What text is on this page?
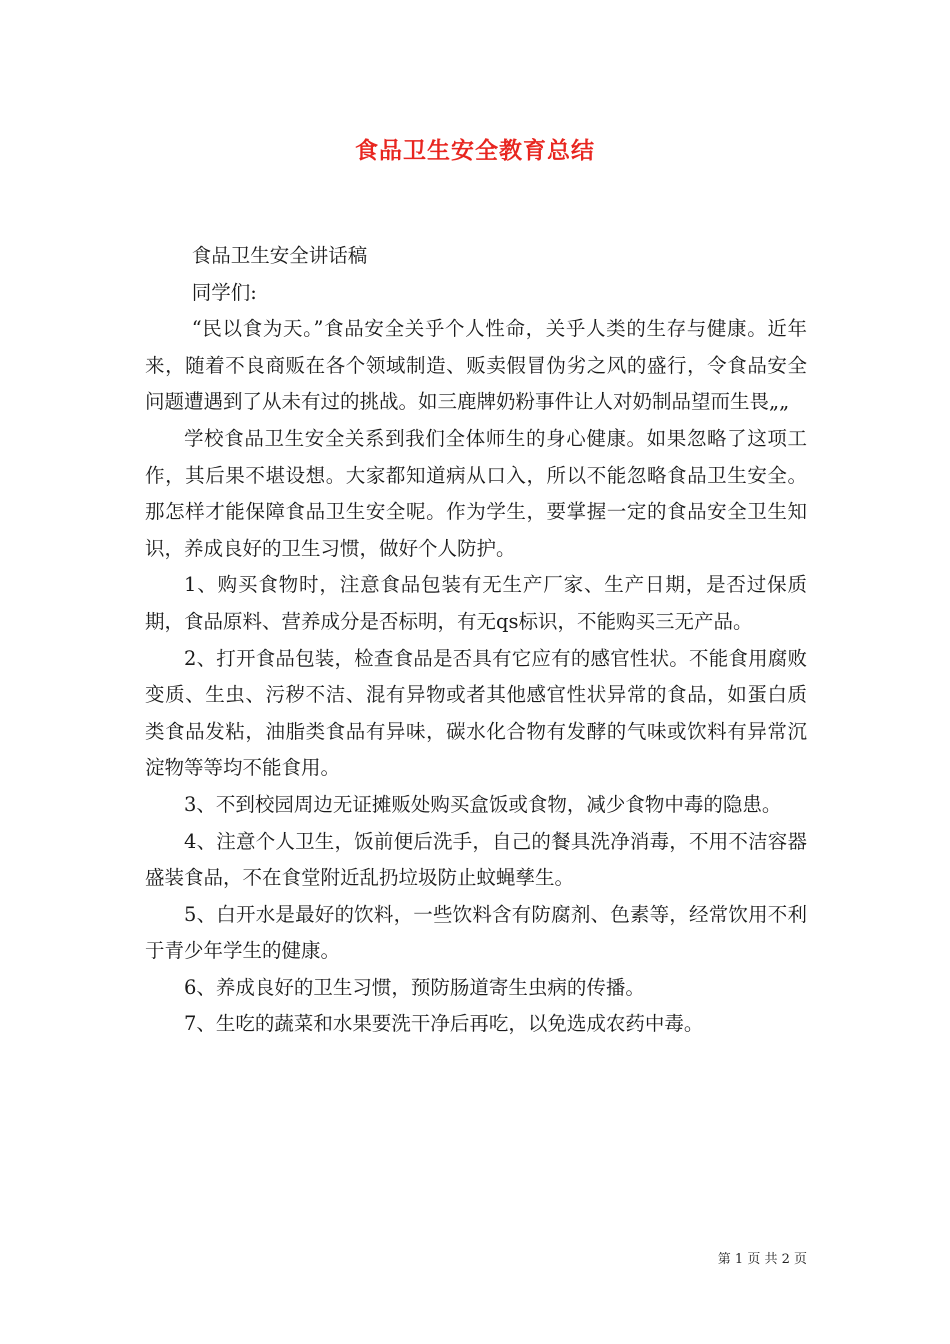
食品卫生安全教育总结

食品卫生安全讲话稿

同学们:

“民以食为天。”食品安全关乎个人性命，关乎人类的生存与健康。近年来，随着不良商贩在各个领域制造、贩卖假冒伪劣之风的盛行，令食品安全问题遭遇到了从未有过的挑战。如三鹿牌奶粉事件让人对奶制品望而生畏„„

学校食品卫生安全关系到我们全体师生的身心健康。如果忽略了这项工作，其后果不堪设想。大家都知道病从口入，所以不能忽略食品卫生安全。那怎样才能保障食品卫生安全呢。作为学生，要掌握一定的食品安全卫生知识，养成良好的卫生习惯，做好个人防护。

1、购买食物时，注意食品包装有无生产厂家、生产日期，是否过保质期，食品原料、营养成分是否标明，有无qs标识，不能购买三无产品。

2、打开食品包装，检查食品是否具有它应有的感官性状。不能食用腐败变质、生虫、污秽不洁、混有异物或者其他感官性状异常的食品，如蛋白质类食品发粘，油脂类食品有异味，碳水化合物有发酵的气味或饮料有异常沉淀物等等均不能食用。

3、不到校园周边无证摊贩处购买盒饭或食物，减少食物中毒的隐患。

4、注意个人卫生，饭前便后洗手，自己的餐具洗净消毒，不用不洁容器盛装食品，不在食堂附近乱扔垃圾防止蚊蝇孳生。

5、白开水是最好的饮料，一些饮料含有防腐剂、色素等，经常饮用不利于青少年学生的健康。

6、养成良好的卫生习惯，预防肠道寄生虫病的传播。

7、生吃的蔬菜和水果要洗干净后再吃，以免选成农药中毒。

第 1 页 共 2 页
